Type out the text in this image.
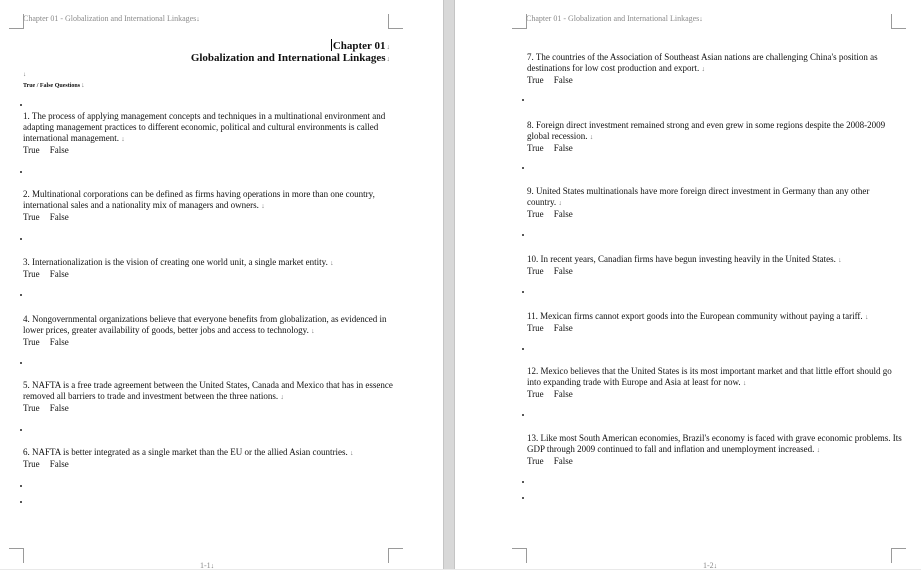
Chapter 01 - Globalization and International Linkages↓
Chapter 01↓
Globalization and International Linkages↓
↓
True / False Questions↓
1. The process of applying management concepts and techniques in a multinational environment and adapting management practices to different economic, political and cultural environments is called international management. ↓
True False
2. Multinational corporations can be defined as firms having operations in more than one country, international sales and a nationality mix of managers and owners. ↓
True False
3. Internationalization is the vision of creating one world unit, a single market entity. ↓
True False
4. Nongovernmental organizations believe that everyone benefits from globalization, as evidenced in lower prices, greater availability of goods, better jobs and access to technology. ↓
True False
5. NAFTA is a free trade agreement between the United States, Canada and Mexico that has in essence removed all barriers to trade and investment between the three nations. ↓
True False
6. NAFTA is better integrated as a single market than the EU or the allied Asian countries. ↓
True False
1-1↓
Chapter 01 - Globalization and International Linkages↓
7. The countries of the Association of Southeast Asian nations are challenging China's position as destinations for low cost production and export. ↓
True False
8. Foreign direct investment remained strong and even grew in some regions despite the 2008-2009 global recession. ↓
True False
9. United States multinationals have more foreign direct investment in Germany than any other country. ↓
True False
10. In recent years, Canadian firms have begun investing heavily in the United States. ↓
True False
11. Mexican firms cannot export goods into the European community without paying a tariff. ↓
True False
12. Mexico believes that the United States is its most important market and that little effort should go into expanding trade with Europe and Asia at least for now. ↓
True False
13. Like most South American economies, Brazil's economy is faced with grave economic problems. Its GDP through 2009 continued to fall and inflation and unemployment increased. ↓
True False
1-2↓
